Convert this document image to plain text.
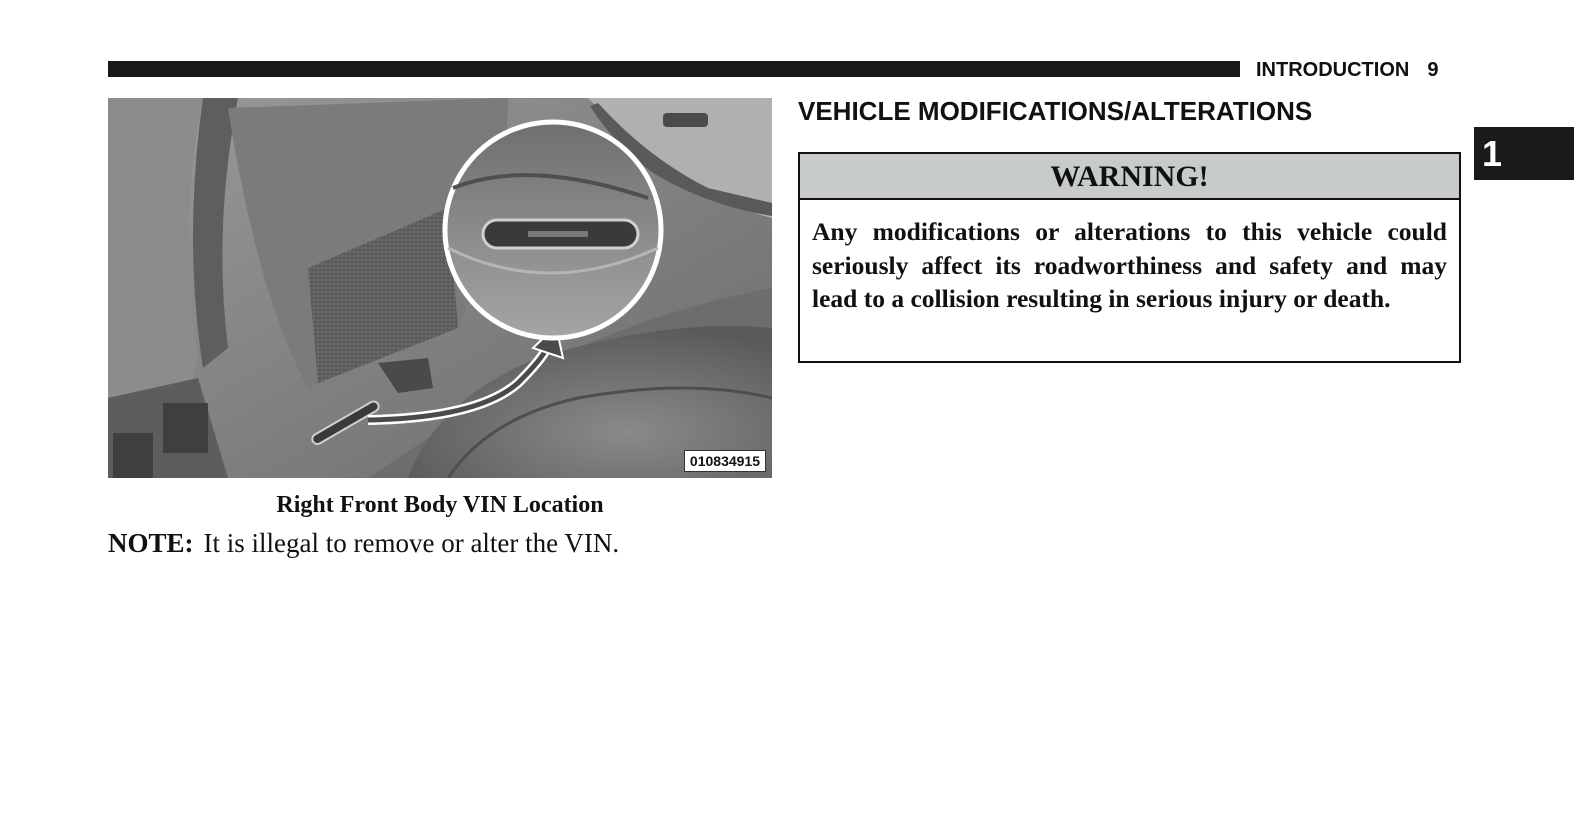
INTRODUCTION 9
1
010834915
Right Front Body VIN Location
NOTE: It is illegal to remove or alter the VIN.
VEHICLE MODIFICATIONS/ALTERATIONS
WARNING!
Any modifications or alterations to this vehicle could seriously affect its roadworthiness and safety and may lead to a collision resulting in serious injury or death.
